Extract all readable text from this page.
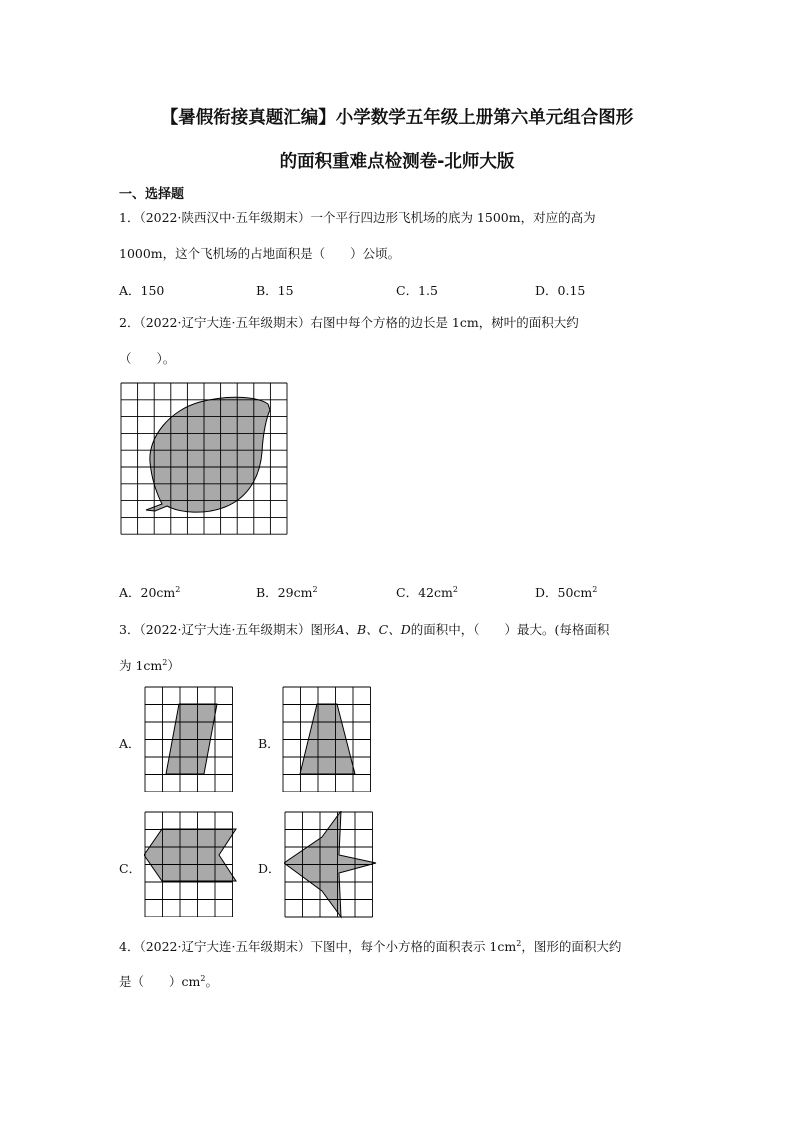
【暑假衔接真题汇编】小学数学五年级上册第六单元组合图形
的面积重难点检测卷-北师大版
一、选择题
1．（2022·陕西汉中·五年级期末）一个平行四边形飞机场的底为 1500m，对应的高为
1000m，这个飞机场的占地面积是（　　）公顷。
A．150	B．15	C．1.5	D．0.15
2．（2022·辽宁大连·五年级期末）右图中每个方格的边长是 1cm，树叶的面积大约
（　　）。
A．$20cm^2$	B．$29cm^2$	C．$42cm^2$	D．$50cm^2$
3．（2022·辽宁大连·五年级期末）图形A、B、C、D的面积中，（　　）最大。(每格面积
为 $1cm^2$）
A．	B．
C．	D．
4．（2022·辽宁大连·五年级期末）下图中，每个小方格的面积表示 $1cm^2$，图形的面积大约
是（　　）$cm^2$。
